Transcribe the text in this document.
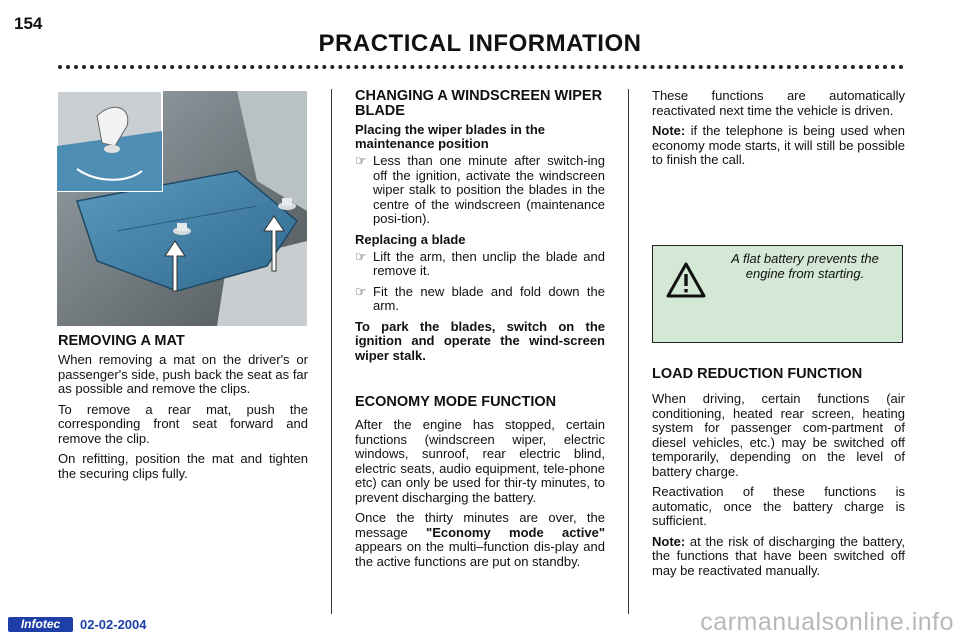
154
PRACTICAL INFORMATION
REMOVING A MAT

When removing a mat on the driver's or passenger's side, push back the seat as far as possible and remove the clips.

To remove a rear mat, push the corresponding front seat forward and remove the clip.

On refitting, position the mat and tighten the securing clips fully.

CHANGING A WINDSCREEN WIPER BLADE
Placing the wiper blades in the maintenance position
☞ Less than one minute after switch-ing off the ignition, activate the windscreen wiper stalk to position the blades in the centre of the windscreen (maintenance posi-tion).
Replacing a blade
☞ Lift the arm, then unclip the blade and remove it.
☞ Fit the new blade and fold down the arm.

To park the blades, switch on the ignition and operate the wind-screen wiper stalk.

ECONOMY MODE FUNCTION

After the engine has stopped, certain functions (windscreen wiper, electric windows, sunroof, rear electric blind, electric seats, audio equipment, tele-phone etc) can only be used for thir-ty minutes, to prevent discharging the battery.

Once the thirty minutes are over, the message "Economy mode active" appears on the multi–function dis-play and the active functions are put on standby.

These functions are automatically reactivated next time the vehicle is driven.

Note: if the telephone is being used when economy mode starts, it will still be possible to finish the call.

A flat battery prevents the engine from starting.
LOAD REDUCTION FUNCTION

When driving, certain functions (air conditioning, heated rear screen, heating system for passenger com-partment of diesel vehicles, etc.) may be switched off temporarily, depending on the level of battery charge.

Reactivation of these functions is automatic, once the battery charge is sufficient.

Note: at the risk of discharging the battery, the functions that have been switched off may be reactivated manually.

Infotec	02-02-2004	carmanualsonline.info
